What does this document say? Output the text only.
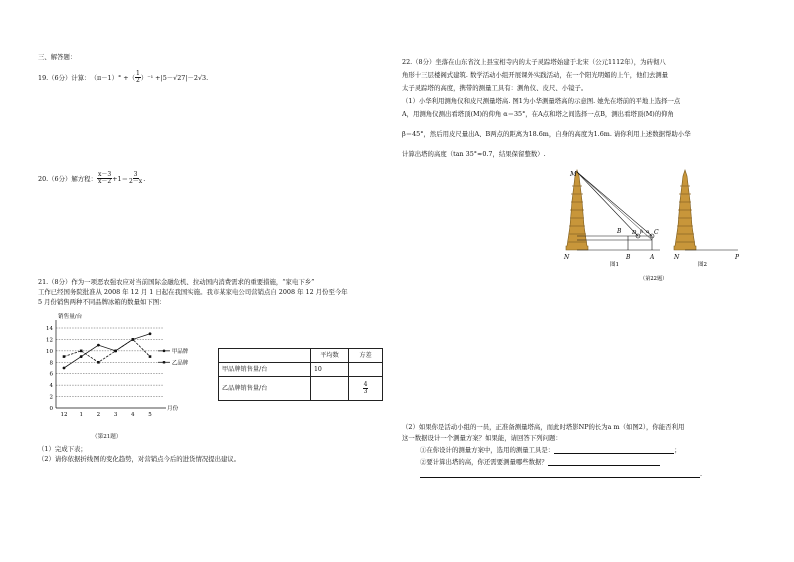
三、解答题：
19.（6分） 计算： （π－1）° +（ $\frac{1}{2} )^{-1} +|5-√27|-2√3$.
20.（6分） 解方程： $\frac{x-3}{x-2} +1= \frac{3}{2-x}$ .
21.（8分）作为一项恶农强农应对当前国际金融危机、拉动国内消费需求的重要措施，“家电下乡”
工作已经国务院批准从 2008 年 12 月 1 日起在我国实施。我市某家电公司营销点自 2008 年 12 月份至今年
5 月份销售两种不同品牌冰箱的数量如下图：
0
2
4
6
8
10
12
14
销售量/台
月份
12 1 2 3 4 5
甲品牌
乙品牌
	平均数	方差
甲品牌销售量/台	10	
乙品牌销售量/台		$\frac{4}{3}$
（第21题）
（1）完成下表；
（2）请你依据折线图的变化趋势，对营销点今后的进货情况提出建议。
22.（8分）坐落在山东省汶上县宝相寺内的太子灵踪塔始建于北宋（公元1112年），为砖彻八
角形十三层楼阁式建筑. 数学活动小组开展课外实践活动，在一个阳光明媚的上午，他们去测量
太子灵踪塔的高度，携带的测量工具有：测角仪、皮尺、小镜子。
（1）小华利用测角仪和皮尺测量塔高. 图1为小华测量塔高的示意图. 她先在塔前的平地上选择一点
A，用测角仪测出看塔顶(M)的仰角 α＝35°，在A点和塔之间选择一点B，测出看塔顶(M)的仰角
β＝45°，然后用皮尺量出A、B两点的距离为18.6m，自身的高度为1.6m. 请你利用上述数据帮助小华
计算出塔的高度（tan 35°≈0.7，结果保留整数）.
M
N
B
B	A
C
D β α
图1
N	P
图2
（第22题）
（2）如果你是活动小组的一员，正准备测量塔高，而此时塔影NP的长为a m（如图2），你能否利用
这一数据设计一个测量方案？如果能，请回答下列问题：
①在你设计的测量方案中，选用的测量工具是：	；
②要计算出塔的高，你还需要测量哪些数据？
.
